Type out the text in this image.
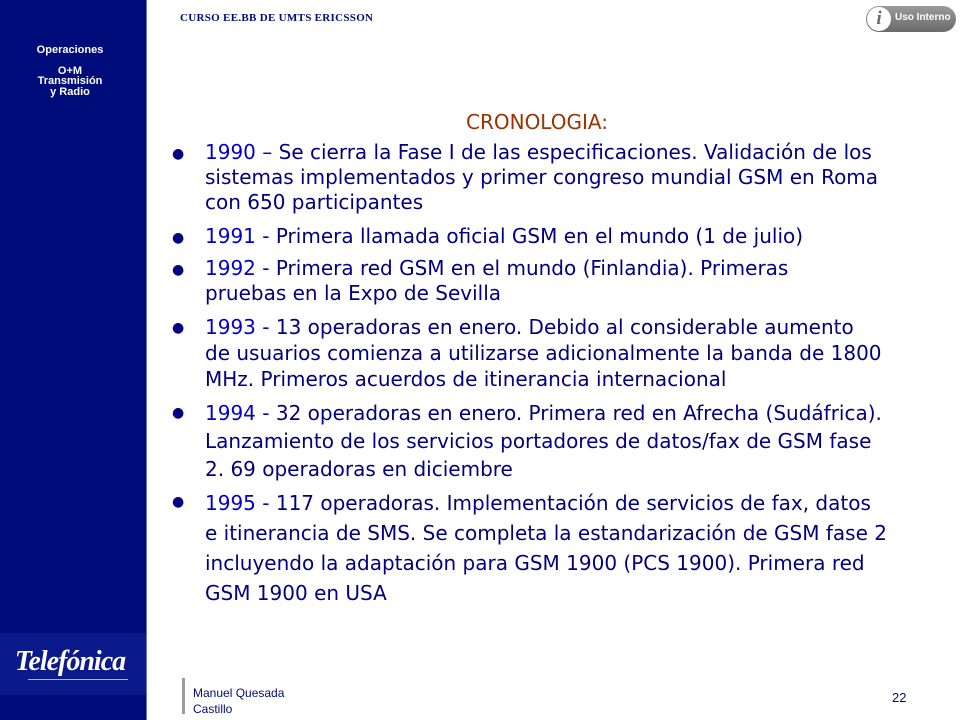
Operaciones
O+M
Transmisión
y Radio
Telefónica
CURSO EE.BB DE UMTS ERICSSON	i	Uso Interno
CRONOLOGIA:
● 1990 – Se cierra la Fase I de las especificaciones. Validación de los
sistemas implementados y primer congreso mundial GSM en Roma
con 650 participantes
● 1991 - Primera llamada oficial GSM en el mundo (1 de julio)
● 1992 - Primera red GSM en el mundo (Finlandia). Primeras
pruebas en la Expo de Sevilla
● 1993 - 13 operadoras en enero. Debido al considerable aumento
de usuarios comienza a utilizarse adicionalmente la banda de 1800
MHz. Primeros acuerdos de itinerancia internacional
● 1994 - 32 operadoras en enero. Primera red en Afrecha (Sudáfrica).
Lanzamiento de los servicios portadores de datos/fax de GSM fase
2. 69 operadoras en diciembre
● 1995 - 117 operadoras. Implementación de servicios de fax, datos
e itinerancia de SMS. Se completa la estandarización de GSM fase 2
incluyendo la adaptación para GSM 1900 (PCS 1900). Primera red
GSM 1900 en USA
Manuel Quesada
Castillo
22
